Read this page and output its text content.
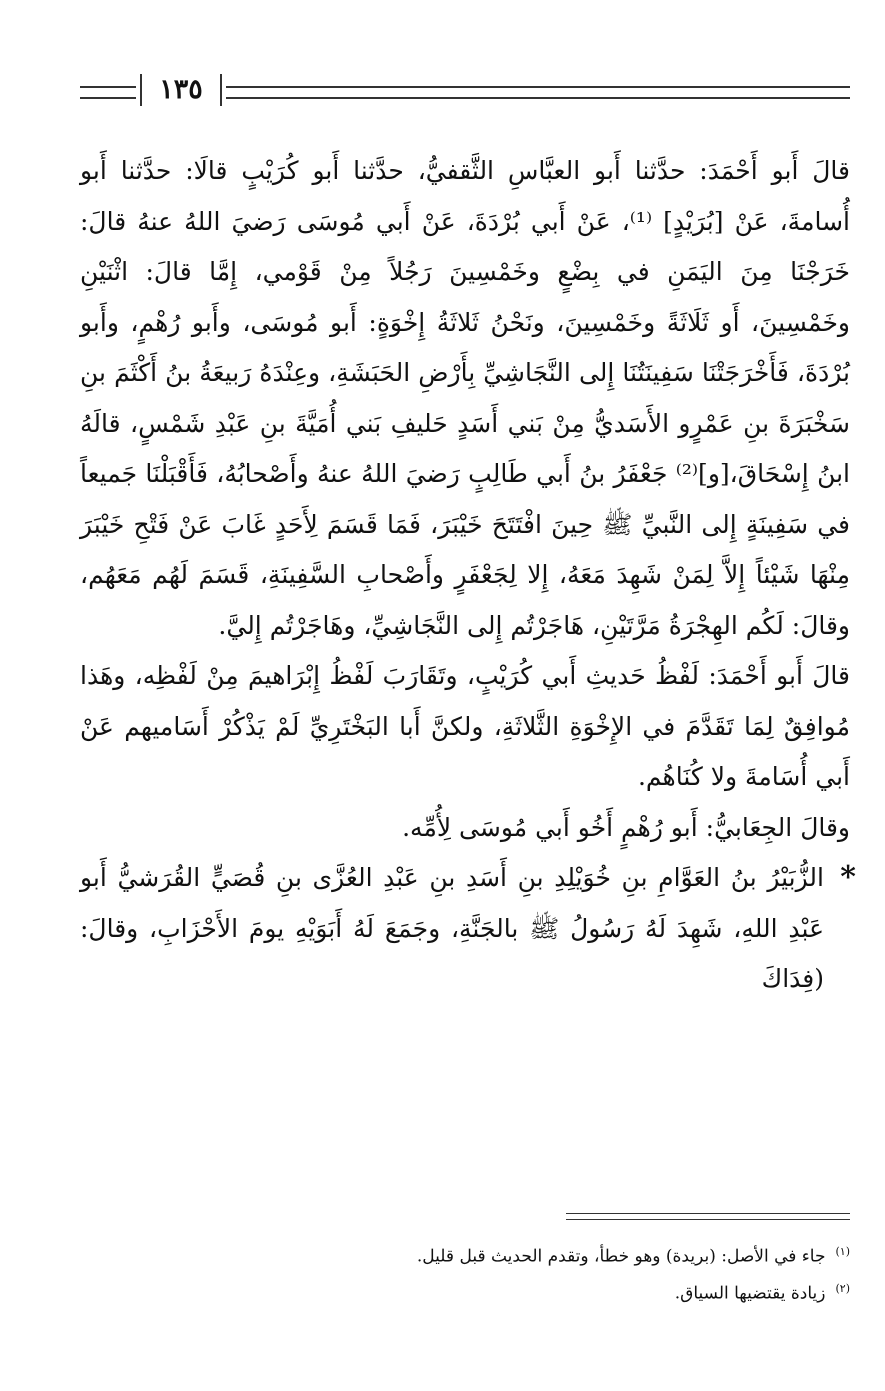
١٣٥

قالَ أَبو أَحْمَدَ: حدَّثنا أَبو العبَّاسِ الثَّقفيُّ، حدَّثنا أَبو كُرَيْبٍ قالَا: حدَّثنا أَبو أُسامةَ، عَنْ [بُرَيْدٍ] ⁽¹⁾، عَنْ أَبي بُرْدَةَ، عَنْ أَبي مُوسَى رَضيَ اللهُ عنهُ قالَ: خَرَجْنَا مِنَ اليَمَنِ في بِضْعٍ وخَمْسِينَ رَجُلاً مِنْ قَوْمي، إِمَّا قالَ: اثْنَيْنِ وخَمْسِينَ، أَو ثَلَاثَةً وخَمْسِينَ، ونَحْنُ ثَلاثَةُ إِخْوَةٍ: أَبو مُوسَى، وأَبو رُهْمٍ، وأَبو بُرْدَةَ، فَأَخْرَجَتْنَا سَفِينَتُنَا إِلى النَّجَاشِيِّ بِأَرْضِ الحَبَشَةِ، وعِنْدَهُ رَبيعَةُ بنُ أَكْثَمَ بنِ سَخْبَرَةَ بنِ عَمْرٍو الأَسَديُّ مِنْ بَني أَسَدٍ حَليفِ بَني أُمَيَّةَ بنِ عَبْدِ شَمْسٍ، قالَهُ ابنُ إِسْحَاقَ،[و]⁽²⁾ جَعْفَرُ بنُ أَبي طَالِبٍ رَضيَ اللهُ عنهُ وأَصْحابُهُ، فَأَقْبَلْنَا جَميعاً في سَفِينَةٍ إِلى النَّبيِّ ﷺ حِينَ افْتَتَحَ خَيْبَرَ، فَمَا قَسَمَ لِأَحَدٍ غَابَ عَنْ فَتْحِ خَيْبَرَ مِنْهَا شَيْئاً إِلاَّ لِمَنْ شَهِدَ مَعَهُ، إِلا لِجَعْفَرٍ وأَصْحابِ السَّفِينَةِ، قَسَمَ لَهُم مَعَهُم، وقالَ: لَكُم الهِجْرَةُ مَرَّتَيْنِ، هَاجَرْتُم إِلى النَّجَاشِيِّ، وهَاجَرْتُم إِليَّ.

قالَ أَبو أَحْمَدَ: لَفْظُ حَديثِ أَبي كُرَيْبٍ، وتَقَارَبَ لَفْظُ إِبْرَاهيمَ مِنْ لَفْظِه، وهَذا مُوافِقٌ لِمَا تَقَدَّمَ في الإِخْوَةِ الثَّلاثَةِ، ولكنَّ أَبا البَخْتَرِيِّ لَمْ يَذْكُرْ أَسَاميهم عَنْ أَبي أُسَامةَ ولا كُنَاهُم.

وقالَ الجِعَابيُّ: أَبو رُهْمٍ أَخُو أَبي مُوسَى لِأُمِّه.

*
الزُّبَيْرُ بنُ العَوَّامِ بنِ خُوَيْلِدِ بنِ أَسَدِ بنِ عَبْدِ العُزَّى بنِ قُصَيٍّ القُرَشيُّ أَبو عَبْدِ اللهِ، شَهِدَ لَهُ رَسُولُ ﷺ بالجَنَّةِ، وجَمَعَ لَهُ أَبَوَيْهِ يومَ الأَحْزَابِ، وقالَ: (فِدَاكَ

$^{(١)}$جاء في الأصل: (بريدة) وهو خطأ، وتقدم الحديث قبل قليل.

$^{(٢)}$زيادة يقتضيها السياق.
